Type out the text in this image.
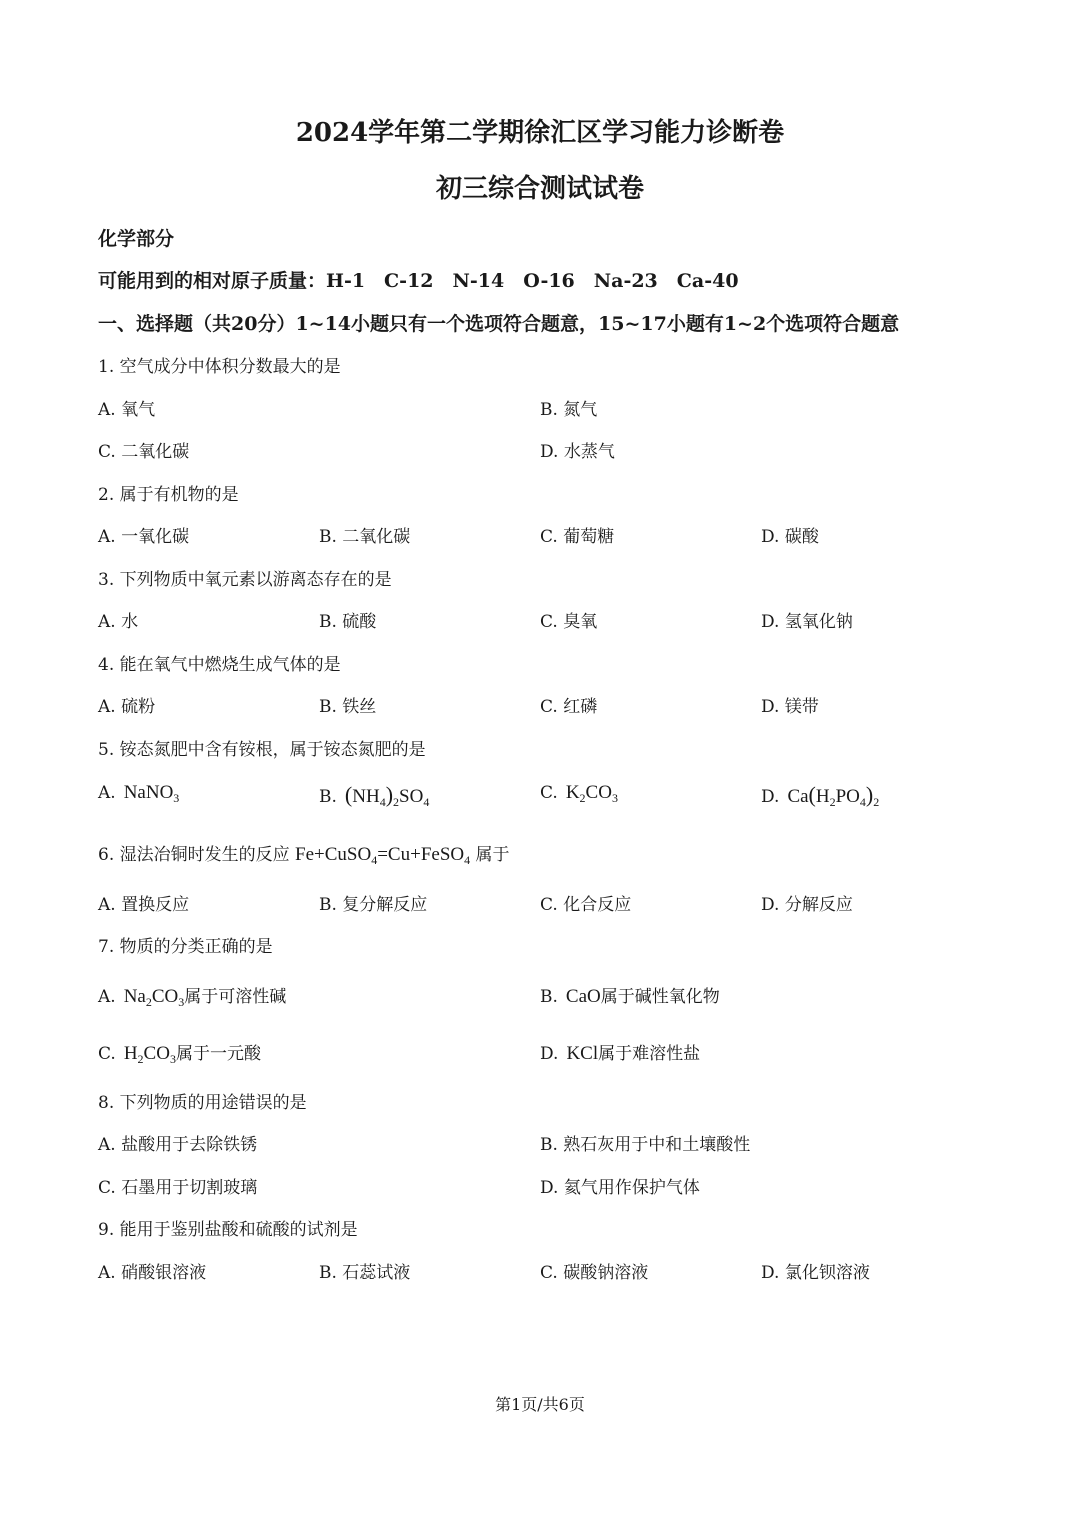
2024学年第二学期徐汇区学习能力诊断卷
初三综合测试试卷
化学部分
可能用到的相对原子质量：H-1　C-12　N-14　O-16　Na-23　Ca-40
一、选择题（共20分）1~14小题只有一个选项符合题意，15~17小题有1~2个选项符合题意
1. 空气成分中体积分数最大的是
A. 氧气	B. 氮气
C. 二氧化碳	D. 水蒸气
2. 属于有机物的是
A. 一氧化碳	B. 二氧化碳	C. 葡萄糖	D. 碳酸
3. 下列物质中氧元素以游离态存在的是
A. 水	B. 硫酸	C. 臭氧	D. 氢氧化钠
4. 能在氧气中燃烧生成气体的是
A. 硫粉	B. 铁丝	C. 红磷	D. 镁带
5. 铵态氮肥中含有铵根，属于铵态氮肥的是
A. NaNO$_3$	B. $(NH_4)_2SO_4$	C. $K_2CO_3$	D. $Ca(H_2PO_4)_2$
6. 湿法冶铜时发生的反应 Fe+CuSO$_4$=Cu+FeSO$_4$ 属于
A. 置换反应	B. 复分解反应	C. 化合反应	D. 分解反应
7. 物质的分类正确的是
A. $Na_2CO_3$属于可溶性碱	B. CaO属于碱性氧化物
C. $H_2CO_3$属于一元酸	D. KCl属于难溶性盐
8. 下列物质的用途错误的是
A. 盐酸用于去除铁锈	B. 熟石灰用于中和土壤酸性
C. 石墨用于切割玻璃	D. 氦气用作保护气体
9. 能用于鉴别盐酸和硫酸的试剂是
A. 硝酸银溶液	B. 石蕊试液	C. 碳酸钠溶液	D. 氯化钡溶液
第1页/共6页
